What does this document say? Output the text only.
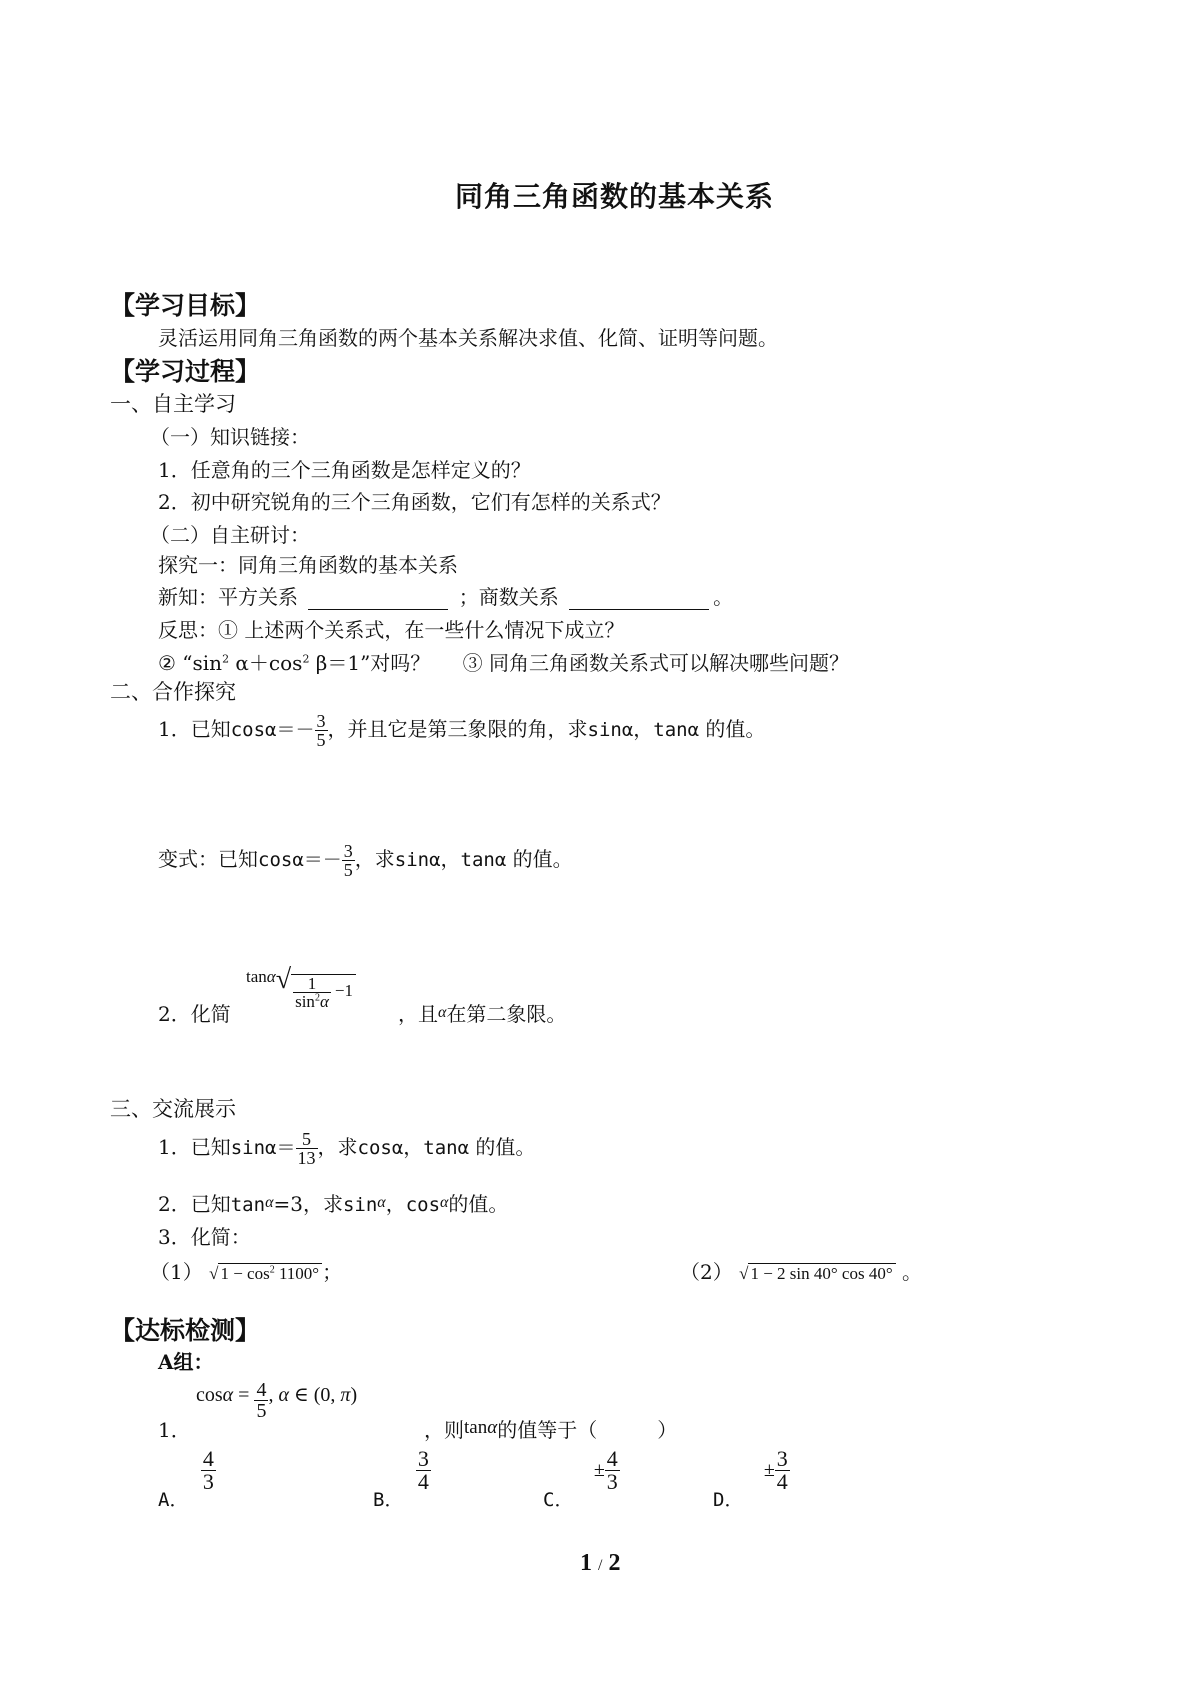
同角三角函数的基本关系
【学习目标】
灵活运用同角三角函数的两个基本关系解决求值、化简、证明等问题。
【学习过程】
一、自主学习
（一）知识链接：
1．任意角的三个三角函数是怎样定义的？
2．初中研究锐角的三个三角函数，它们有怎样的关系式？
（二）自主研讨：
探究一：同角三角函数的基本关系
新知：平方关系	；商数关系	。
反思：① 上述两个关系式，在一些什么情况下成立？
② “$\sin^2$ $\alpha+\cos^2$ β＝1”对吗？ ③ 同角三角函数关系式可以解决哪些问题？
二、合作探究
1．已知$\cos\alpha=- \frac{3}{5}$ ，并且它是第三象限的角，求sinα，tanα 的值。
变式：已知$\cos\alpha=- \frac{3}{5}$ ，求sinα，tanα 的值。
2．化简
$\tan\alpha√ \frac{1}{\sin^2\alpha} -1$
，且$^\alpha$在第二象限。
三、交流展示
1．已知$\sin\alpha= \frac{5}{13}$ ，求cosα，tanα 的值。
2．已知$\tan^\alpha=3$，求$\sin^\alpha$，$\cos^\alpha$的值。
3．化简：
（1） √ $1 - \cos^2 1100^\circ$ ；	（2） √ 1 − 2 sin 40° cos 40° 。
【达标检测】
A组：
1．
$\cos\alpha = \frac{4}{5}$ , α ∈ (0, π)
，则tanα的值等于（　　　）
A．
$\frac{4}{3}$
B．
$\frac{3}{4}$
C． ± $\frac{4}{3}$
D． ± $\frac{3}{4}$
1 / 2
